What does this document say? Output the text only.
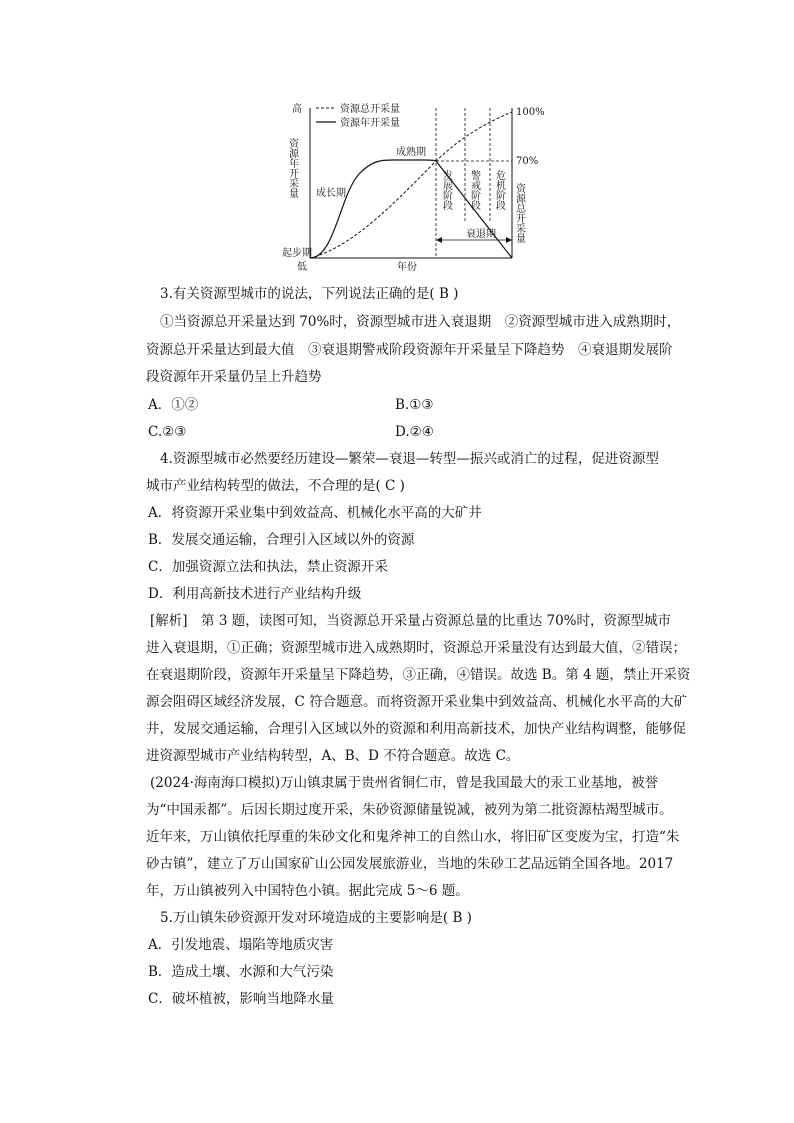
资源总开采量
资源年开采量
高
低	年份
起步期
成长期
成熟期
衰退期
100%
70%
资源年开采量	发展阶段 警戒阶段 危机阶段 资源总开采量
3.有关资源型城市的说法，下列说法正确的是( B )
①当资源总开采量达到 70%时，资源型城市进入衰退期　②资源型城市进入成熟期时，
资源总开采量达到最大值　③衰退期警戒阶段资源年开采量呈下降趋势　④衰退期发展阶
段资源年开采量仍呈上升趋势
A．①②	B.①③
C.②③	D.②④
4.资源型城市必然要经历建设—繁荣—衰退—转型—振兴或消亡的过程，促进资源型
城市产业结构转型的做法，不合理的是( C )
A．将资源开采业集中到效益高、机械化水平高的大矿井
B．发展交通运输，合理引入区域以外的资源
C．加强资源立法和执法，禁止资源开采
D．利用高新技术进行产业结构升级
[解析]　第 3 题，读图可知，当资源总开采量占资源总量的比重达 70%时，资源型城市
进入衰退期，①正确；资源型城市进入成熟期时，资源总开采量没有达到最大值，②错误；
在衰退期阶段，资源年开采量呈下降趋势，③正确，④错误。故选 B。第 4 题，禁止开采资
源会阻碍区域经济发展，C 符合题意。而将资源开采业集中到效益高、机械化水平高的大矿
井，发展交通运输，合理引入区域以外的资源和利用高新技术，加快产业结构调整，能够促
进资源型城市产业结构转型，A、B、D 不符合题意。故选 C。
(2024·海南海口模拟)万山镇隶属于贵州省铜仁市，曾是我国最大的汞工业基地，被誉
为“中国汞都”。后因长期过度开采，朱砂资源储量锐减，被列为第二批资源枯竭型城市。
近年来，万山镇依托厚重的朱砂文化和鬼斧神工的自然山水，将旧矿区变废为宝，打造“朱
砂古镇”，建立了万山国家矿山公园发展旅游业，当地的朱砂工艺品远销全国各地。2017
年，万山镇被列入中国特色小镇。据此完成 5～6 题。
5.万山镇朱砂资源开发对环境造成的主要影响是( B )
A．引发地震、塌陷等地质灾害
B．造成土壤、水源和大气污染
C．破坏植被，影响当地降水量
